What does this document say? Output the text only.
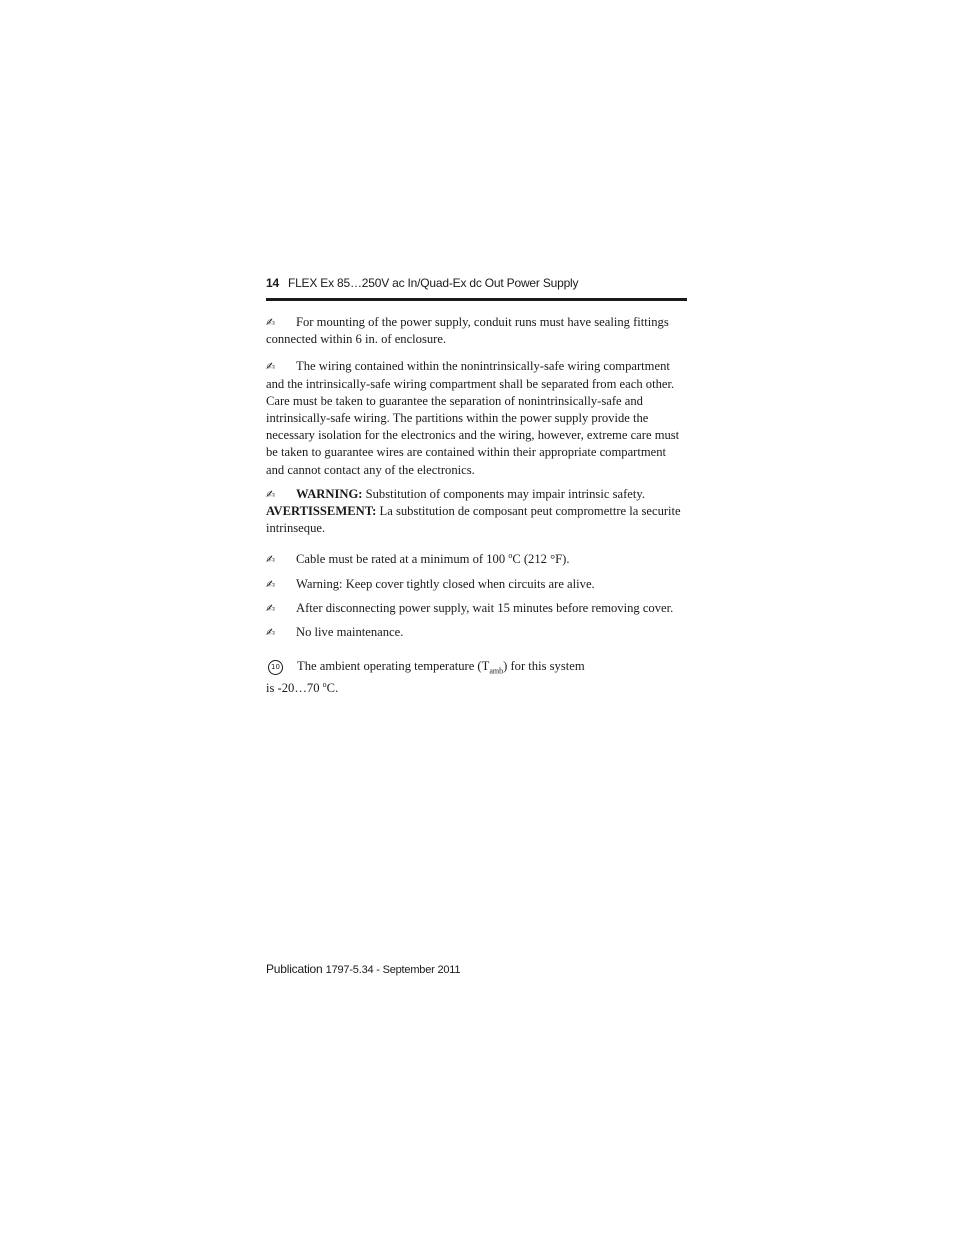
14 FLEX Ex 85…250V ac In/Quad-Ex dc Out Power Supply

✍ For mounting of the power supply, conduit runs must have sealing fittings connected within 6 in. of enclosure.

✍ The wiring contained within the nonintrinsically-safe wiring compartment and the intrinsically-safe wiring compartment shall be separated from each other. Care must be taken to guarantee the separation of nonintrinsically-safe and intrinsically-safe wiring. The partitions within the power supply provide the necessary isolation for the electronics and the wiring, however, extreme care must be taken to guarantee wires are contained within their appropriate compartment and cannot contact any of the electronics.

✍ WARNING: Substitution of components may impair intrinsic safety. AVERTISSEMENT: La substitution de composant peut compromettre la securite intrinseque.

✍ Cable must be rated at a minimum of 100 $^o$C (212 °F).

✍ Warning: Keep cover tightly closed when circuits are alive.

✍ After disconnecting power supply, wait 15 minutes before removing cover.

✍ No live maintenance.

10 The ambient operating temperature $(T_{amb})$ for this system

is -20…70 $^o$C.

Publication 1797-5.34 - September 2011
